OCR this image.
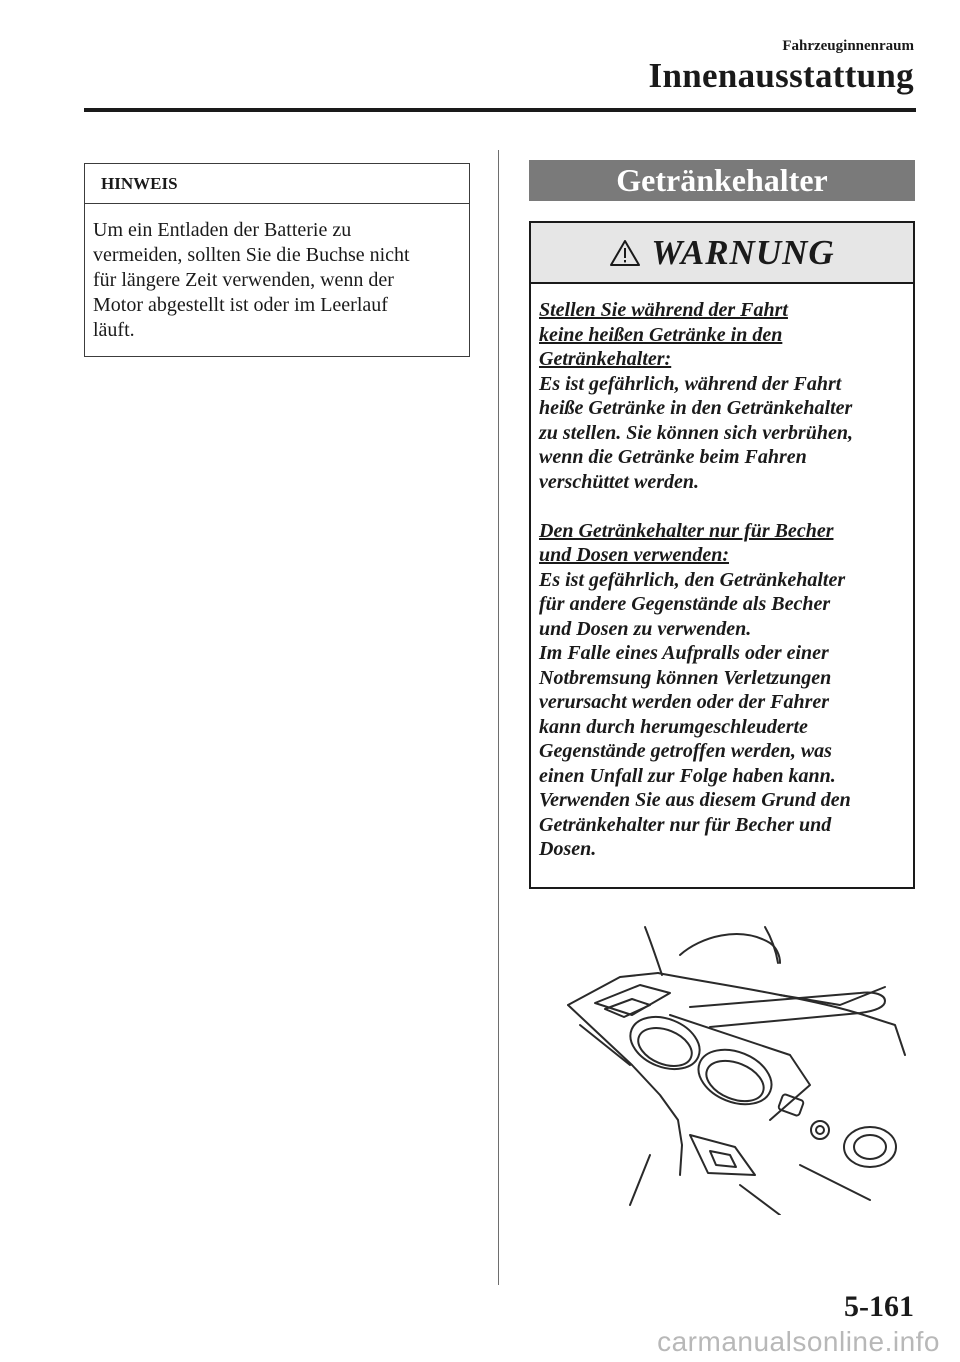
Fahrzeuginnenraum
Innenausstattung
HINWEIS
Um ein Entladen der Batterie zu
vermeiden, sollten Sie die Buchse nicht
für längere Zeit verwenden, wenn der
Motor abgestellt ist oder im Leerlauf
läuft.
Getränkehalter
WARNUNG
Stellen Sie während der Fahrt
keine heißen Getränke in den
Getränkehalter:
Es ist gefährlich, während der Fahrt
heiße Getränke in den Getränkehalter
zu stellen. Sie können sich verbrühen,
wenn die Getränke beim Fahren
verschüttet werden.
Den Getränkehalter nur für Becher
und Dosen verwenden:
Es ist gefährlich, den Getränkehalter
für andere Gegenstände als Becher
und Dosen zu verwenden.
Im Falle eines Aufpralls oder einer
Notbremsung können Verletzungen
verursacht werden oder der Fahrer
kann durch herumgeschleuderte
Gegenstände getroffen werden, was
einen Unfall zur Folge haben kann.
Verwenden Sie aus diesem Grund den
Getränkehalter nur für Becher und
Dosen.
5-161
carmanualsonline.info
